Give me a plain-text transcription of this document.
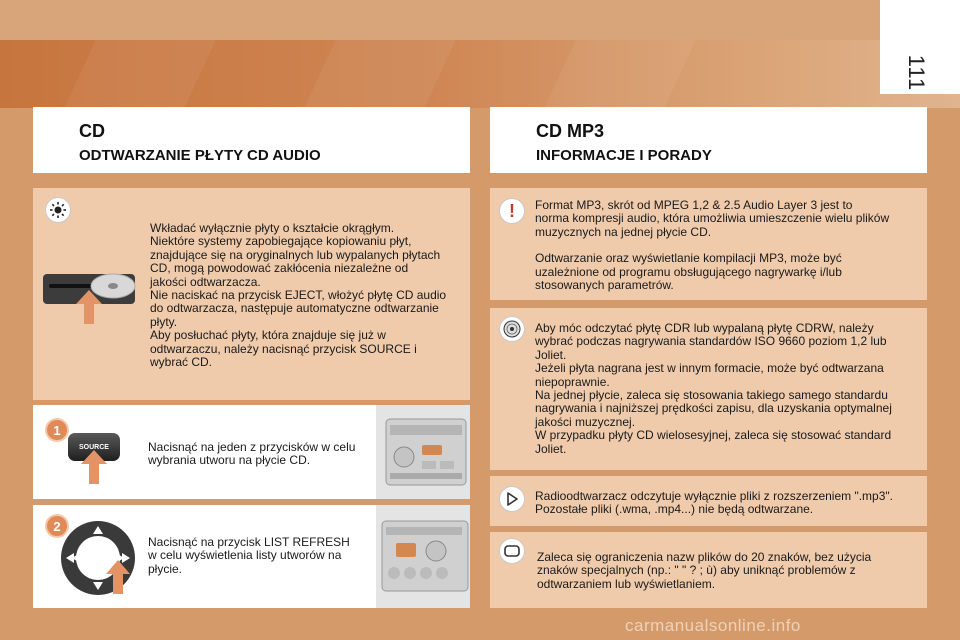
111
CD
ODTWARZANIE PŁYTY CD AUDIO
CD MP3
INFORMACJE I PORADY
Wkładać wyłącznie płyty o kształcie okrągłym.
Niektóre systemy zapobiegające kopiowaniu płyt,
znajdujące się na oryginalnych lub wypalanych płytach
CD, mogą powodować zakłócenia niezależne od
jakości odtwarzacza.
Nie naciskać na przycisk EJECT, włożyć płytę CD audio
do odtwarzacza, następuje automatyczne odtwarzanie
płyty.
Aby posłuchać płyty, która znajduje się już w
odtwarzaczu, należy nacisnąć przycisk SOURCE i
wybrać CD.
1
SOURCE	Nacisnąć na jeden z przycisków w celu
wybrania utworu na płycie CD.
2
Nacisnąć na przycisk LIST REFRESH
w celu wyświetlenia listy utworów na
płycie.
! Format MP3, skrót od MPEG 1,2 & 2.5 Audio Layer 3 jest to
norma kompresji audio, która umożliwia umieszczenie wielu plików
muzycznych na jednej płycie CD.
Odtwarzanie oraz wyświetlanie kompilacji MP3, może być
uzależnione od programu obsługującego nagrywarkę i/lub
stosowanych parametrów.
Aby móc odczytać płytę CDR lub wypalaną płytę CDRW, należy
wybrać podczas nagrywania standardów ISO 9660 poziom 1,2 lub
Joliet.
Jeżeli płyta nagrana jest w innym formacie, może być odtwarzana
niepoprawnie.
Na jednej płycie, zaleca się stosowania takiego samego standardu
nagrywania i najniższej prędkości zapisu, dla uzyskania optymalnej
jakości muzycznej.
W przypadku płyty CD wielosesyjnej, zaleca się stosować standard
Joliet.
Radioodtwarzacz odczytuje wyłącznie pliki z rozszerzeniem ".mp3".
Pozostałe pliki (.wma, .mp4...) nie będą odtwarzane.
Zaleca się ograniczenia nazw plików do 20 znaków, bez użycia
znaków specjalnych (np.: " " ? ; ù) aby uniknąć problemów z
odtwarzaniem lub wyświetlaniem.
carmanualsonline.info
